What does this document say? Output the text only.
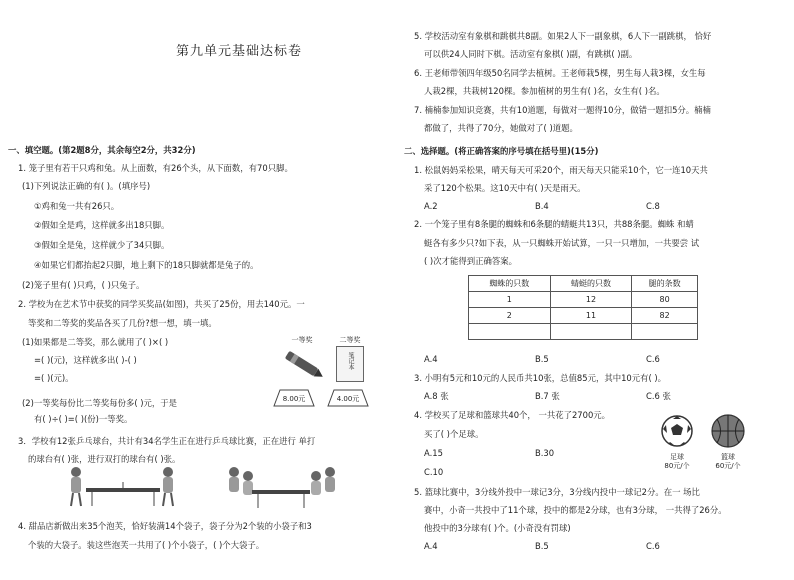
第九单元基础达标卷
一、填空题。(第2题8分，其余每空2分，共32分)
1. 笼子里有若干只鸡和兔。从上面数，有26个头，从下面数，有70只脚。
(1)下列说法正确的有( )。(填序号)
①鸡和兔一共有26只。
②假如全是鸡，这样就多出18只脚。
③假如全是兔，这样就少了34只脚。
④如果它们都抬起2只脚，地上剩下的18只脚就都是兔子的。
(2)笼子里有( )只鸡，( )只兔子。
2. 学校为在艺术节中获奖的同学买奖品(如图)，共买了25份，用去140元。一
等奖和二等奖的奖品各买了几份?想一想，填一填。
(1)如果都是二等奖，那么就用了( )×( )
=( )(元)，这样就多出( )-( )
=( )(元)。
(2)一等奖每份比二等奖每份多( )元，于是
有( )÷( )=( )(份)一等奖。
一等奖	二等奖
笔记本
8.00元	4.00元
3．学校有12张乒乓球台，共计有34名学生正在进行乒乓球比赛，正在进行 单打
的球台有( )张，进行双打的球台有( )张。
4. 甜品店新做出来35个泡芙，恰好装满14个袋子，袋子分为2个装的小袋子和3
个装的大袋子。装这些泡芙一共用了( )个小袋子，( )个大袋子。
5. 学校活动室有象棋和跳棋共8副。如果2人下一副象棋，6人下一副跳棋， 恰好
可以供24人同时下棋。活动室有象棋( )副，有跳棋( )副。
6. 王老师带领四年级50名同学去植树。王老师栽5棵，男生每人栽3棵，女生每
人栽2棵，共栽树120棵。参加植树的男生有( )名，女生有( )名。
7. 楠楠参加知识竞赛，共有10道题，每做对一题得10分，做错一题扣5分。楠楠
都做了，共得了70分，她做对了( )道题。
二、选择题。(将正确答案的序号填在括号里)(15分)
1. 松鼠妈妈采松果，晴天每天可采20个，雨天每天只能采10个，它一连10天共
采了120个松果。这10天中有( )天是雨天。
A.2	B.4	C.8
2. 一个笼子里有8条腿的蜘蛛和6条腿的蜻蜓共13只，共88条腿。蜘蛛 和蜻
蜓各有多少只?如下表，从一只蜘蛛开始试算，一只一只增加，一共要尝 试
( )次才能得到正确答案。
蜘蛛的只数	蜻蜓的只数	腿的条数
1	12	80
2	11	82

A.4	B.5	C.6
3. 小明有5元和10元的人民币共10张，总值85元，其中10元有( )。
A.8 张	B.7 张	C.6 张
4. 学校买了足球和篮球共40个， 一共花了2700元。
买了( )个足球。
A.15	B.30
C.10
足球	篮球
80元/个	60元/个
5. 篮球比赛中，3分线外投中一球记3分，3分线内投中一球记2分。在一 场比
赛中，小奇一共投中了11个球，投中的都是2分球，也有3分球， 一共得了26分。
他投中的3分球有( )个。(小奇没有罚球)
A.4	B.5	C.6
